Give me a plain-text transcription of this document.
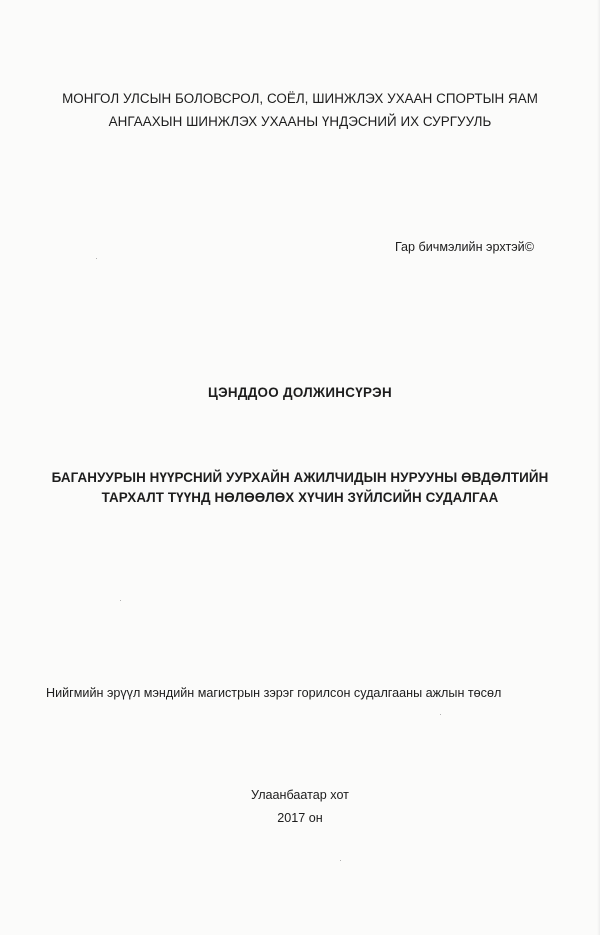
МОНГОЛ УЛСЫН БОЛОВСРОЛ, СОЁЛ, ШИНЖЛЭХ УХААН СПОРТЫН ЯАМ
АНГААХЫН ШИНЖЛЭХ УХААНЫ ҮНДЭСНИЙ ИХ СУРГУУЛЬ
Гар бичмэлийн эрхтэй©
ЦЭНДДОО ДОЛЖИНСҮРЭН
БАГАНУУРЫН НҮҮРСНИЙ УУРХАЙН АЖИЛЧИДЫН НУРУУНЫ ӨВДӨЛТИЙН
ТАРХАЛТ ТҮҮНД НӨЛӨӨЛӨХ ХҮЧИН ЗҮЙЛСИЙН СУДАЛГАА
Нийгмийн эрүүл мэндийн магистрын зэрэг горилсон судалгааны ажлын төсөл
Улаанбаатар хот
2017 он
